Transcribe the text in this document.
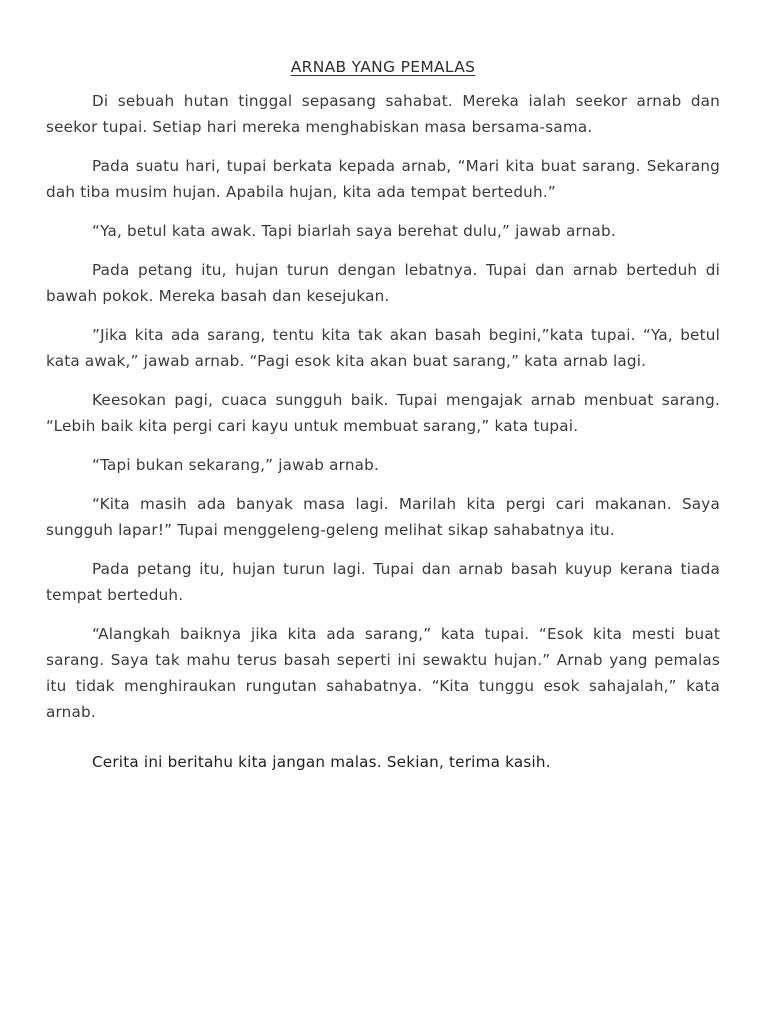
ARNAB YANG PEMALAS

Di sebuah hutan tinggal sepasang sahabat. Mereka ialah seekor arnab dan seekor tupai. Setiap hari mereka menghabiskan masa bersama-sama.

Pada suatu hari, tupai berkata kepada arnab, “Mari kita buat sarang. Sekarang dah tiba musim hujan. Apabila hujan, kita ada tempat berteduh.”

“Ya, betul kata awak. Tapi biarlah saya berehat dulu,” jawab arnab.

Pada petang itu, hujan turun dengan lebatnya. Tupai dan arnab berteduh di bawah pokok. Mereka basah dan kesejukan.

”Jika kita ada sarang, tentu kita tak akan basah begini,”kata tupai. “Ya, betul kata awak,” jawab arnab. “Pagi esok kita akan buat sarang,” kata arnab lagi.

Keesokan pagi, cuaca sungguh baik. Tupai mengajak arnab menbuat sarang. “Lebih baik kita pergi cari kayu untuk membuat sarang,” kata tupai.

“Tapi bukan sekarang,” jawab arnab.

“Kita masih ada banyak masa lagi. Marilah kita pergi cari makanan. Saya sungguh lapar!” Tupai menggeleng-geleng melihat sikap sahabatnya itu.

Pada petang itu, hujan turun lagi. Tupai dan arnab basah kuyup kerana tiada tempat berteduh.

“Alangkah baiknya jika kita ada sarang,” kata tupai. “Esok kita mesti buat sarang. Saya tak mahu terus basah seperti ini sewaktu hujan.” Arnab yang pemalas itu tidak menghiraukan rungutan sahabatnya. “Kita tunggu esok sahajalah,” kata arnab.

Cerita ini beritahu kita jangan malas. Sekian, terima kasih.
